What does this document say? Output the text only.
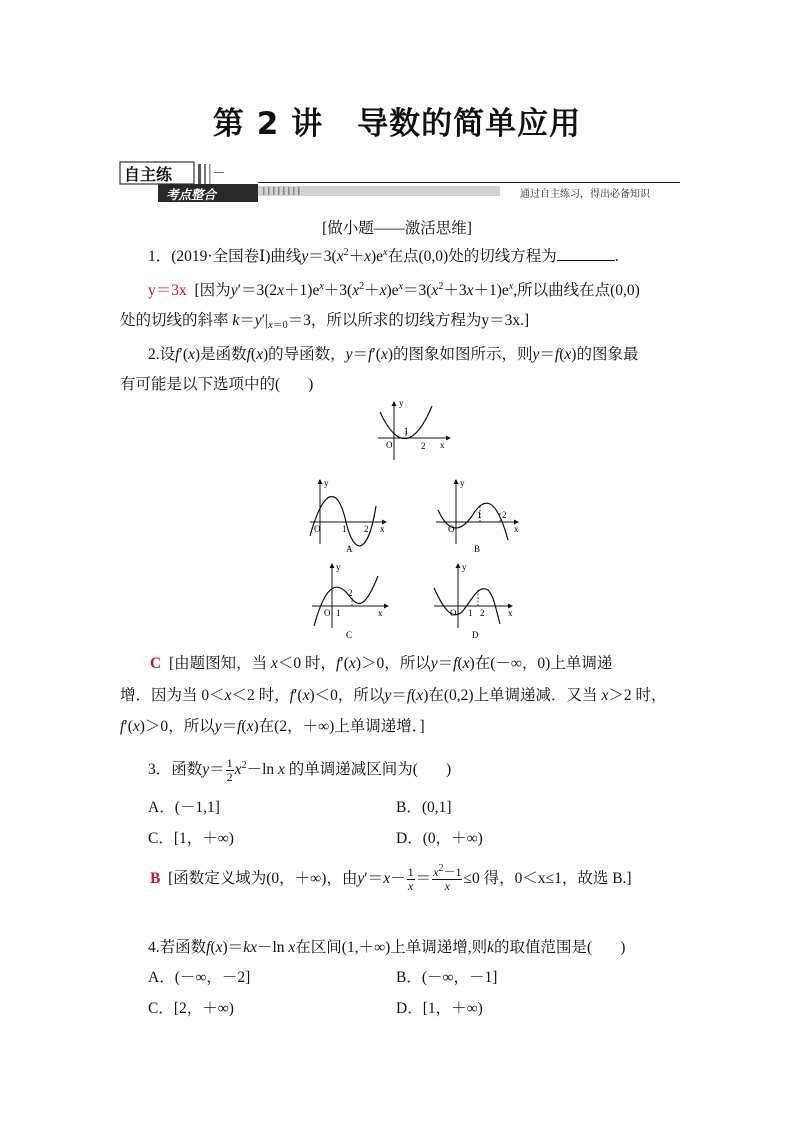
第 2 讲 导数的简单应用
自主练
考点整合	通过自主练习，得出必备知识
[做小题——激活思维]
1．(2019·全国卷Ⅰ)曲线$y=3(x^2+x)e^x$在点(0,0)处的切线方程为	.
y＝3x [因为$y'=3(2x+1)e^x+3(x^2+x)e^x=3(x^2+3x+1)e^x$,所以曲线在点(0,0)
处的切线的斜率 $k=y'|_{x=0}=3$，所以所求的切线方程为y＝3x.]
2.设f′(x)是函数f(x)的导函数，y＝f′(x)的图象如图所示，则y＝f(x)的图象最
有可能是以下选项中的( )
y
x
O
1
2
y
x
O 1 2
A
y
x
O
1 2
B
y
x
O 1
2
C
y
x
O 1 2
D
C [由题图知，当 x＜0 时，f′(x)＞0，所以y＝f(x)在(－∞，0)上单调递
增．因为当 0＜x＜2 时，f′(x)＜0，所以y＝f(x)在(0,2)上单调递减．又当 x＞2 时，
f′(x)＞0，所以y＝f(x)在(2，＋∞)上单调递增．]
3．函数$y= \frac{1}{2} x^2-\ln$ x 的单调递减区间为( )
A．(－1,1]	B．(0,1]
C．[1，＋∞)	D．(0，＋∞)
B [函数定义域为(0，＋∞)，由$y'=x- \frac{1}{x} = \frac{x^2-1}{x} \le 0$ 得，0＜x≤1，故选 B.]
4.若函数f(x)＝kx－ln x在区间(1,＋∞)上单调递增,则k的取值范围是( )
A．(－∞，－2]	B．(－∞，－1]
C．[2，＋∞)	D．[1，＋∞)
